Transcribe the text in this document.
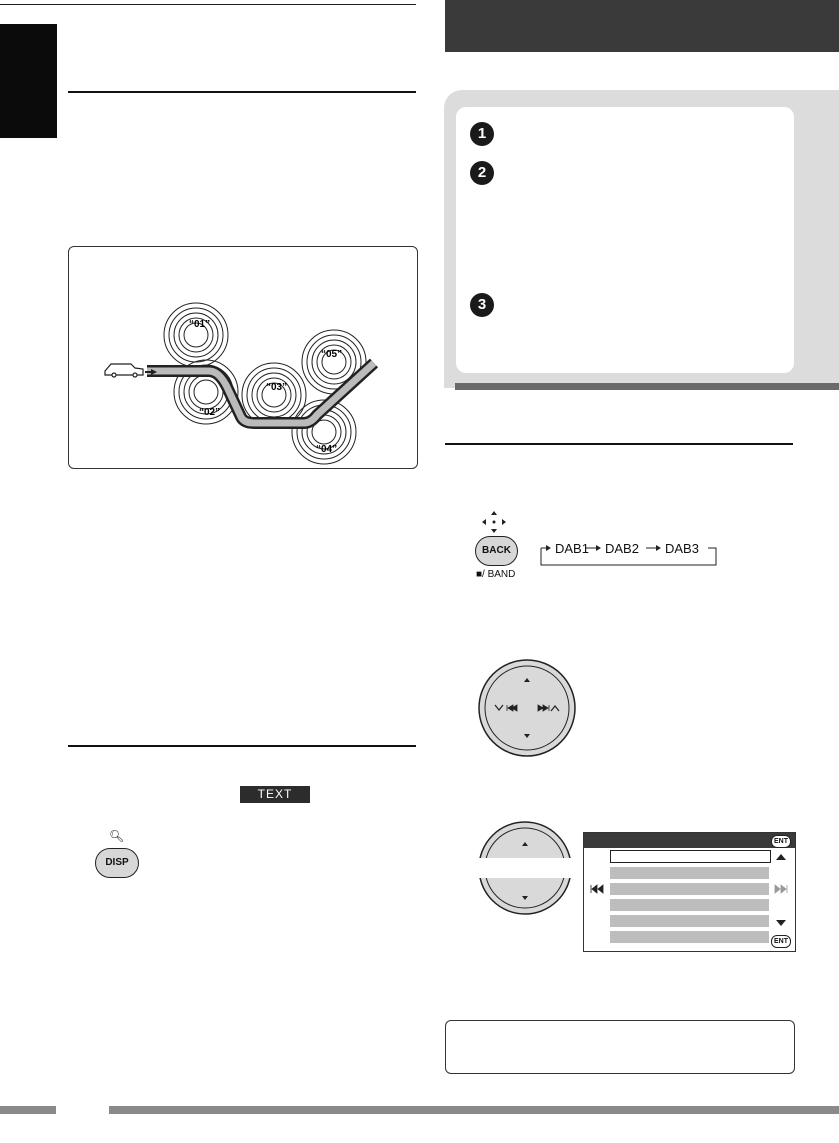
“01”
“02”
“03”
“04”
“05”
TEXT
🔍︎
DISP
1
2
3
BACK
■/ BAND
DAB1 DAB2 DAB3
ENT
ENT
